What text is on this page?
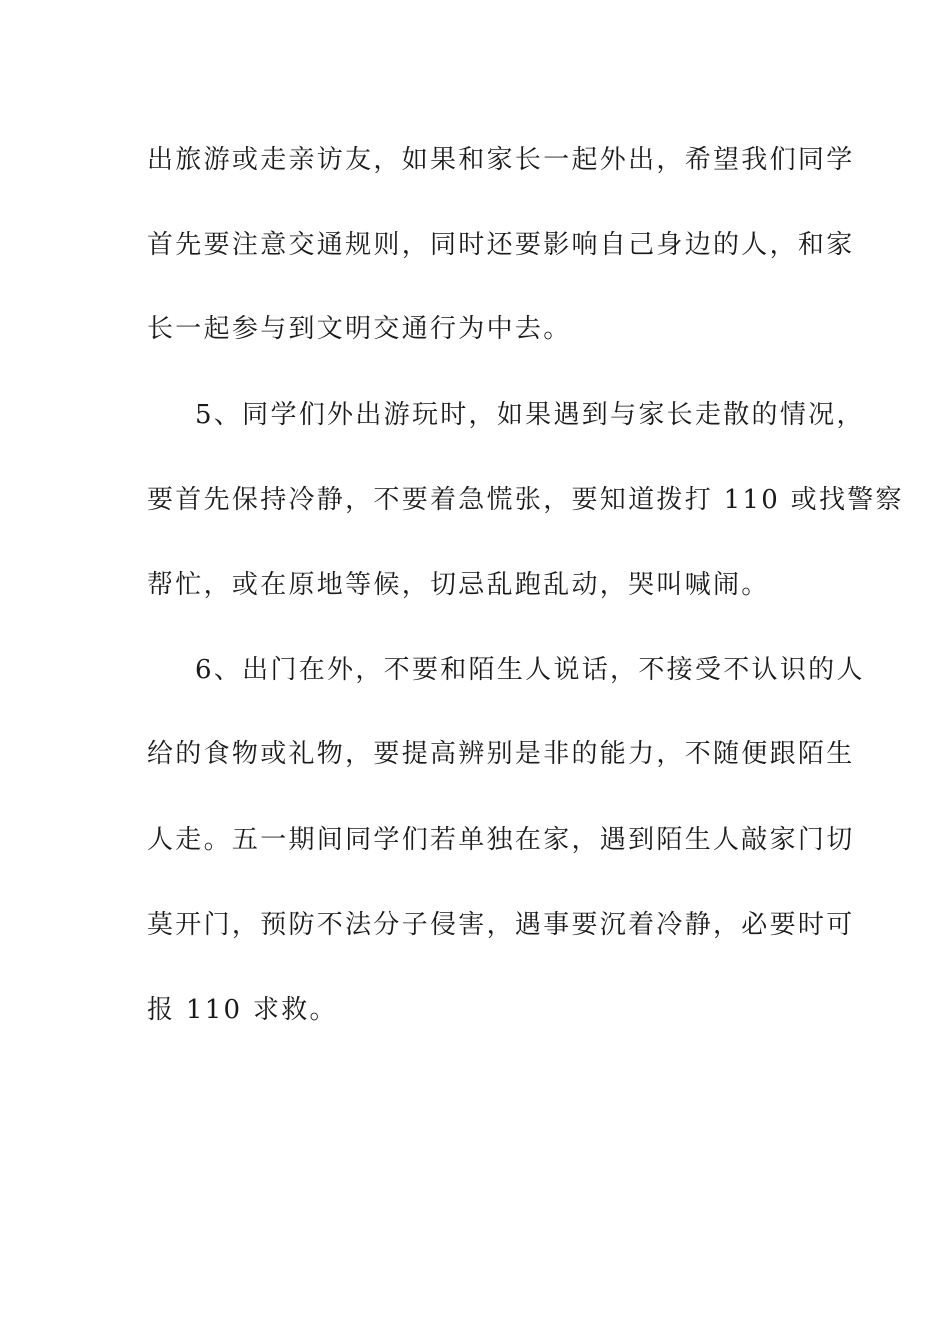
出旅游或走亲访友，如果和家长一起外出，希望我们同学
首先要注意交通规则，同时还要影响自己身边的人，和家
长一起参与到文明交通行为中去。
5、同学们外出游玩时，如果遇到与家长走散的情况，
要首先保持冷静，不要着急慌张，要知道拨打 110 或找警察
帮忙，或在原地等候，切忌乱跑乱动，哭叫喊闹。
6、出门在外，不要和陌生人说话，不接受不认识的人
给的食物或礼物，要提高辨别是非的能力，不随便跟陌生
人走。五一期间同学们若单独在家，遇到陌生人敲家门切
莫开门，预防不法分子侵害，遇事要沉着冷静，必要时可
报 110 求救。
